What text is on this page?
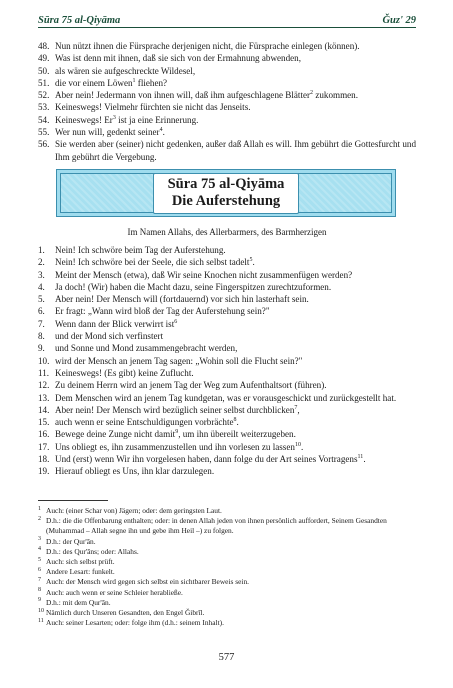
Sūra 75 al-Qiyāma	Ǧuz' 29
48. Nun nützt ihnen die Fürsprache derjenigen nicht, die Fürsprache einlegen (können).
49. Was ist denn mit ihnen, daß sie sich von der Ermahnung abwenden,
50. als wären sie aufgeschreckte Wildesel,
51. die vor einem Löwen$^1$ fliehen?
52. Aber nein! Jedermann von ihnen will, daß ihm aufgeschlagene Blätter$^2$ zukommen.
53. Keineswegs! Vielmehr fürchten sie nicht das Jenseits.
54. Keineswegs! Er$^3$ ist ja eine Erinnerung.
55. Wer nun will, gedenkt seiner$^4$.
56. Sie werden aber (seiner) nicht gedenken, außer daß Allah es will. Ihm gebührt die Gottesfurcht und Ihm gebührt die Vergebung.
Sūra 75 al-Qiyāma
Die Auferstehung
Im Namen Allahs, des Allerbarmers, des Barmherzigen
1.	Nein! Ich schwöre beim Tag der Auferstehung.
2.	Nein! Ich schwöre bei der Seele, die sich selbst tadelt$^5$.
3.	Meint der Mensch (etwa), daß Wir seine Knochen nicht zusammenfügen werden?
4.	Ja doch! (Wir) haben die Macht dazu, seine Fingerspitzen zurechtzuformen.
5.	Aber nein! Der Mensch will (fortdauernd) vor sich hin lasterhaft sein.
6.	Er fragt: „Wann wird bloß der Tag der Auferstehung sein?"
7.	Wenn dann der Blick verwirrt ist$^6$
8.	und der Mond sich verfinstert
9.	und Sonne und Mond zusammengebracht werden,
10. wird der Mensch an jenem Tag sagen: „Wohin soll die Flucht sein?"
11. Keineswegs! (Es gibt) keine Zuflucht.
12. Zu deinem Herrn wird an jenem Tag der Weg zum Aufenthaltsort (führen).
13. Dem Menschen wird an jenem Tag kundgetan, was er vorausgeschickt und zurückgestellt hat.
14. Aber nein! Der Mensch wird bezüglich seiner selbst durchblicken$^7$,
15. auch wenn er seine Entschuldigungen vorbrächte$^8$.
16. Bewege deine Zunge nicht damit$^9$, um ihn übereilt weiterzugeben.
17. Uns obliegt es, ihn zusammenzustellen und ihn vorlesen zu lassen$^{10}$.
18. Und (erst) wenn Wir ihn vorgelesen haben, dann folge du der Art seines Vortragens$^{11}$.
19. Hierauf obliegt es Uns, ihn klar darzulegen.
1 Auch: (einer Schar von) Jägern; oder: dem geringsten Laut.
2 D.h.: die die Offenbarung enthalten; oder: in denen Allah jeden von ihnen persönlich auffordert, Seinem Gesandten (Muhammad – Allah segne ihn und gebe ihm Heil –) zu folgen.
3 D.h.: der Qur'ān.
4 D.h.: des Qur'āns; oder: Allahs.
5 Auch: sich selbst prüft.
6 Andere Lesart: funkelt.
7 Auch: der Mensch wird gegen sich selbst ein sichtbarer Beweis sein.
8 Auch: auch wenn er seine Schleier herabließe.
9 D.h.: mit dem Qur'ān.
10 Nämlich durch Unseren Gesandten, den Engel Ǧibrīl.
11 Auch: seiner Lesarten; oder: folge ihm (d.h.: seinem Inhalt).
577
